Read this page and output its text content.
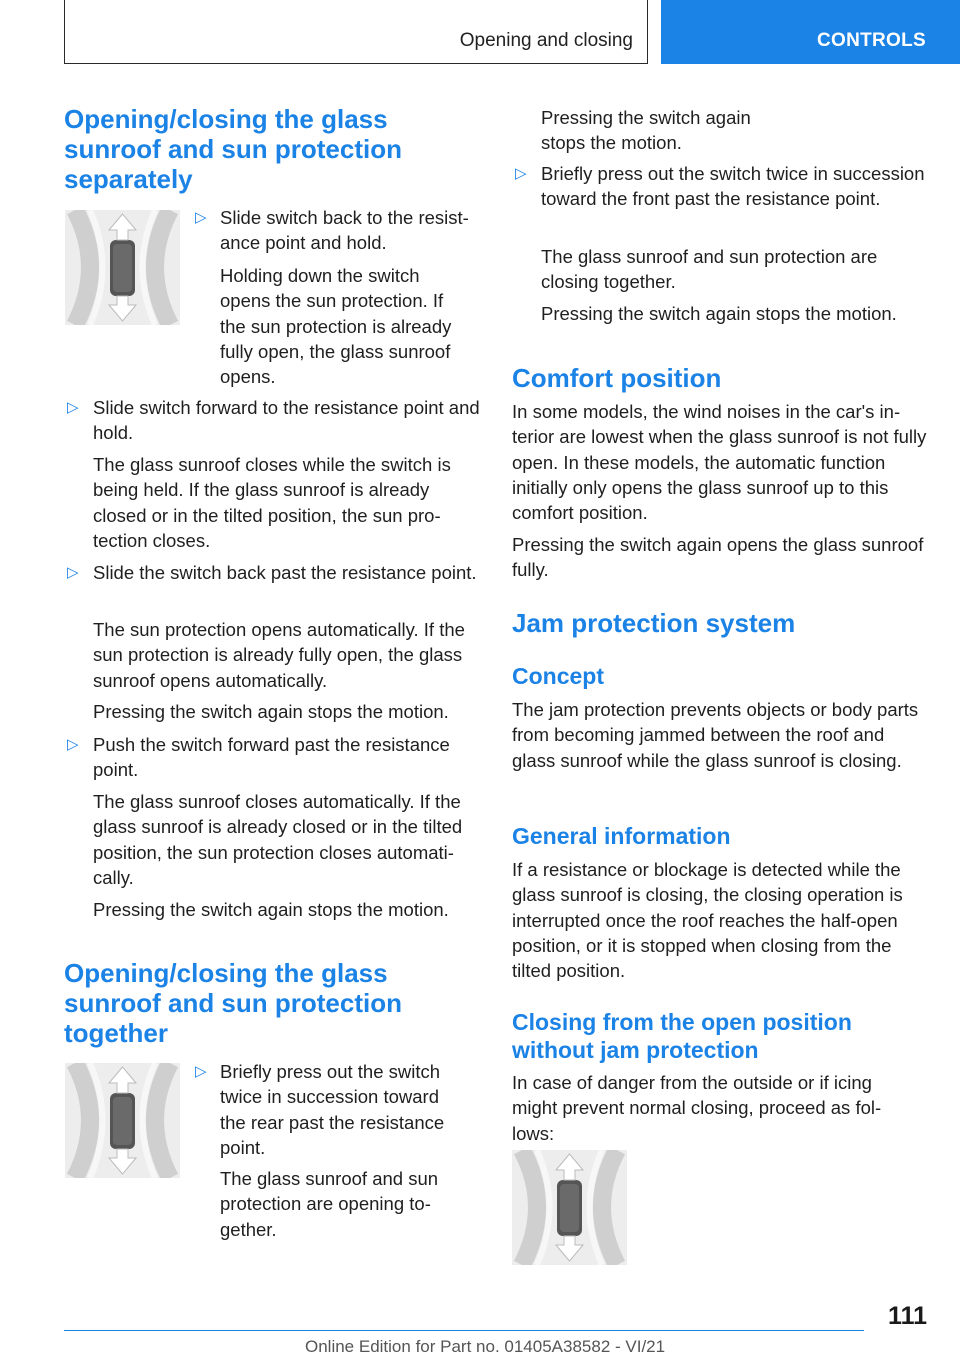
Opening and closing	CONTROLS
Opening/closing the glass sunroof and sun protection separately
▷ Slide switch back to the resistance point and hold.

Holding down the switch opens the sun protection. If the sun protection is already fully open, the glass sunroof opens.

▷ Slide switch forward to the resistance point and hold.

The glass sunroof closes while the switch is being held. If the glass sunroof is already closed or in the tilted position, the sun protection closes.

▷ Slide the switch back past the resistance point.

The sun protection opens automatically. If the sun protection is already fully open, the glass sunroof opens automatically.

Pressing the switch again stops the motion.

▷ Push the switch forward past the resistance point.

The glass sunroof closes automatically. If the glass sunroof is already closed or in the tilted position, the sun protection closes automatically.

Pressing the switch again stops the motion.

Opening/closing the glass sunroof and sun protection together
▷ Briefly press out the switch twice in succession toward the rear past the resistance point.

The glass sunroof and sun protection are opening together.

Pressing the switch again stops the motion.

▷ Briefly press out the switch twice in succession toward the front past the resistance point.

The glass sunroof and sun protection are closing together.

Pressing the switch again stops the motion.

Comfort position

In some models, the wind noises in the car's interior are lowest when the glass sunroof is not fully open. In these models, the automatic function initially only opens the glass sunroof up to this comfort position.

Pressing the switch again opens the glass sunroof fully.

Jam protection system
Concept

The jam protection prevents objects or body parts from becoming jammed between the roof and glass sunroof while the glass sunroof is closing.

General information

If a resistance or blockage is detected while the glass sunroof is closing, the closing operation is interrupted once the roof reaches the half-open position, or it is stopped when closing from the tilted position.

Closing from the open position without jam protection

In case of danger from the outside or if icing might prevent normal closing, proceed as follows:

111
Online Edition for Part no. 01405A38582 - VI/21
